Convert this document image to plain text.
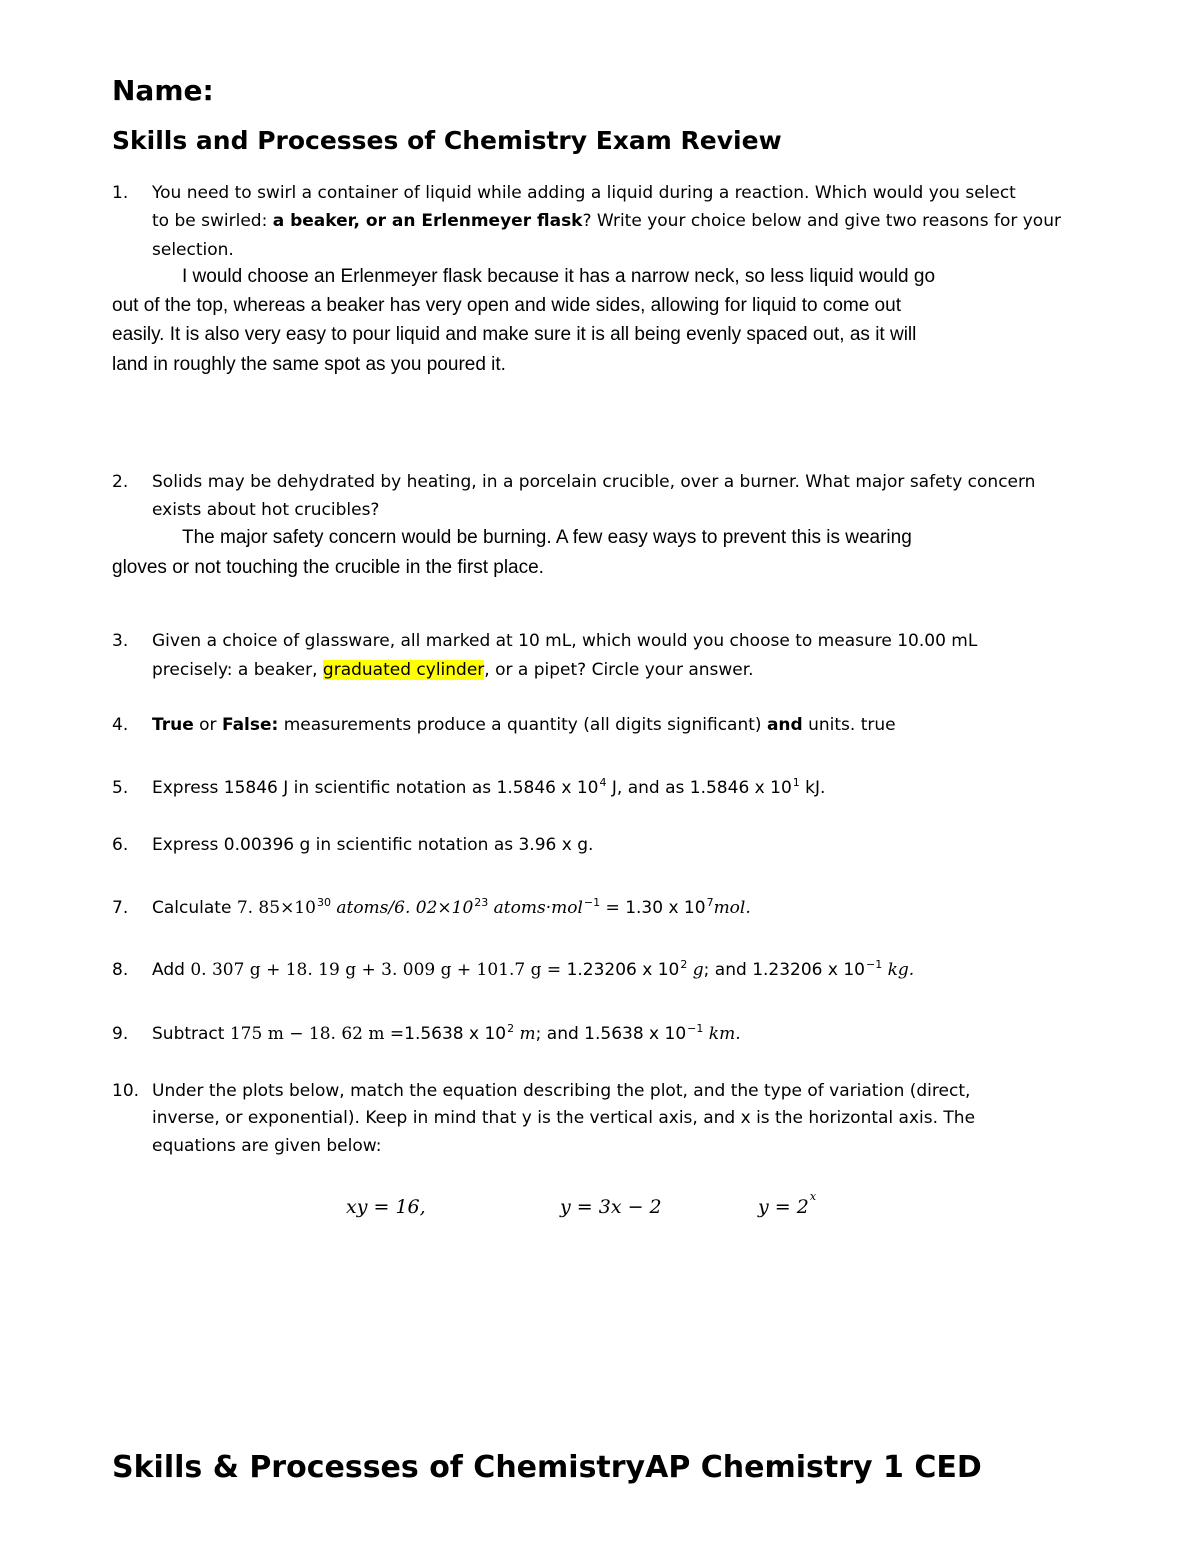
Name:
Skills and Processes of Chemistry Exam Review
1. You need to swirl a container of liquid while adding a liquid during a reaction. Which would you select
to be swirled: a beaker, or an Erlenmeyer flask? Write your choice below and give two reasons for your
selection.
I would choose an Erlenmeyer flask because it has a narrow neck, so less liquid would go
out of the top, whereas a beaker has very open and wide sides, allowing for liquid to come out
easily. It is also very easy to pour liquid and make sure it is all being evenly spaced out, as it will
land in roughly the same spot as you poured it.
2. Solids may be dehydrated by heating, in a porcelain crucible, over a burner. What major safety concern
exists about hot crucibles?
The major safety concern would be burning. A few easy ways to prevent this is wearing
gloves or not touching the crucible in the first place.
3. Given a choice of glassware, all marked at 10 mL, which would you choose to measure 10.00 mL
precisely: a beaker, graduated cylinder, or a pipet? Circle your answer.
4. True or False: measurements produce a quantity (all digits significant) and units. true
5. Express 15846 J in scientific notation as 1.5846 x $10^4$ J, and as 1.5846 x $10^1$ kJ.
6. Express 0.00396 g in scientific notation as 3.96 x g.
7. Calculate 7. $85\times 10^{30}$ atoms/6. $02\times 10^{23}$ atoms·mol$^{-1}$ = 1.30 x $10^7mol$.
8. Add 0. 307 g + 18. 19 g + 3. 009 g + 101.7 g = 1.23206 x $10^2$ g; and 1.23206 x $10^{-1}$ kg.
9. Subtract 175 m − 18. 62 m =1.5638 x $10^2$ m; and 1.5638 x $10^{-1}$ km.
10. Under the plots below, match the equation describing the plot, and the type of variation (direct,
inverse, or exponential). Keep in mind that y is the vertical axis, and x is the horizontal axis. The
equations are given below:
xy = 16,	y = 3x − 2	$y = 2^x$
Skills & Processes of ChemistryAP Chemistry 1 CED
